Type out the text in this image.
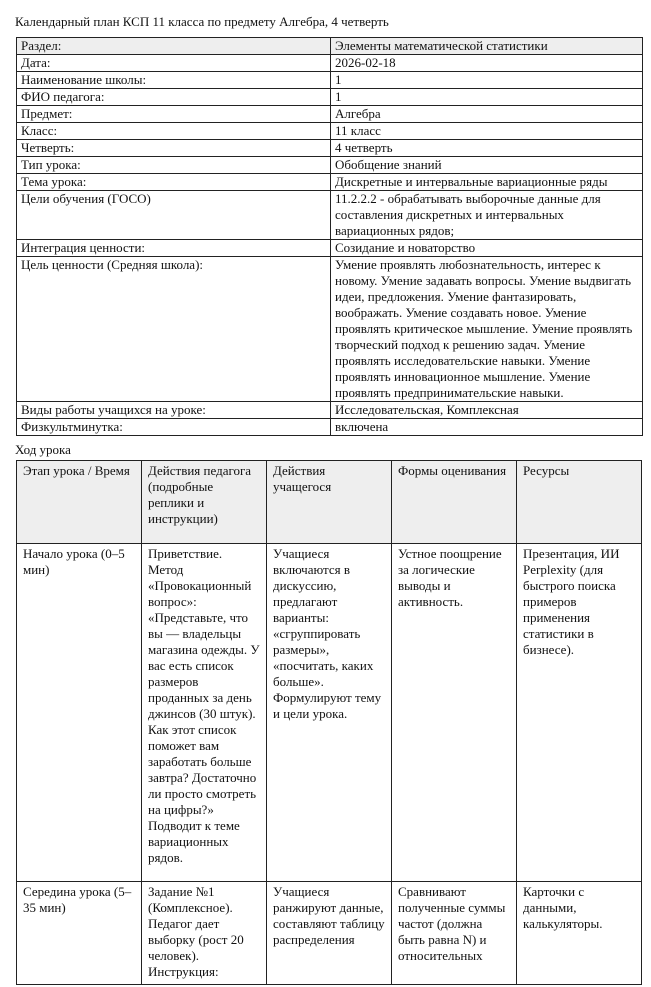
Календарный план КСП 11 класса по предмету Алгебра, 4 четверть
Раздел:	Элементы математической статистики
Дата:	2026-02-18
Наименование школы:	1
ФИО педагога:	1
Предмет:	Алгебра
Класс:	11 класс
Четверть:	4 четверть
Тип урока:	Обобщение знаний
Тема урока:	Дискретные и интервальные вариационные ряды
Цели обучения (ГОСО)	11.2.2.2 - обрабатывать выборочные данные для составления дискретных и интервальных вариационных рядов;
Интеграция ценности:	Созидание и новаторство
Цель ценности (Средняя школа):	Умение проявлять любознательность, интерес к новому. Умение задавать вопросы. Умение выдвигать идеи, предложения. Умение фантазировать, воображать. Умение создавать новое. Умение проявлять критическое мышление. Умение проявлять творческий подход к решению задач. Умение проявлять исследовательские навыки. Умение проявлять инновационное мышление. Умение проявлять предпринимательские навыки.
Виды работы учащихся на уроке:	Исследовательская, Комплексная
Физкультминутка:	включена
Ход урока
Этап урока / Время	Действия педагога (подробные реплики и инструкции)	Действия учащегося	Формы оценивания	Ресурсы
Начало урока (0–5 мин)	Приветствие. Метод «Провокационный вопрос»: «Представьте, что вы — владельцы магазина одежды. У вас есть список размеров проданных за день джинсов (30 штук). Как этот список поможет вам заработать больше завтра? Достаточно ли просто смотреть на цифры?» Подводит к теме вариационных рядов.	Учащиеся включаются в дискуссию, предлагают варианты: «сгруппировать размеры», «посчитать, каких больше». Формулируют тему и цели урока.	Устное поощрение за логические выводы и активность.	Презентация, ИИ Perplexity (для быстрого поиска примеров применения статистики в бизнесе).
Середина урока (5–35 мин)	Задание №1 (Комплексное). Педагог дает выборку (рост 20 человек). Инструкция:	Учащиеся ранжируют данные, составляют таблицу распределения	Сравнивают полученные суммы частот (должна быть равна N) и относительных	Карточки с данными, калькуляторы.
